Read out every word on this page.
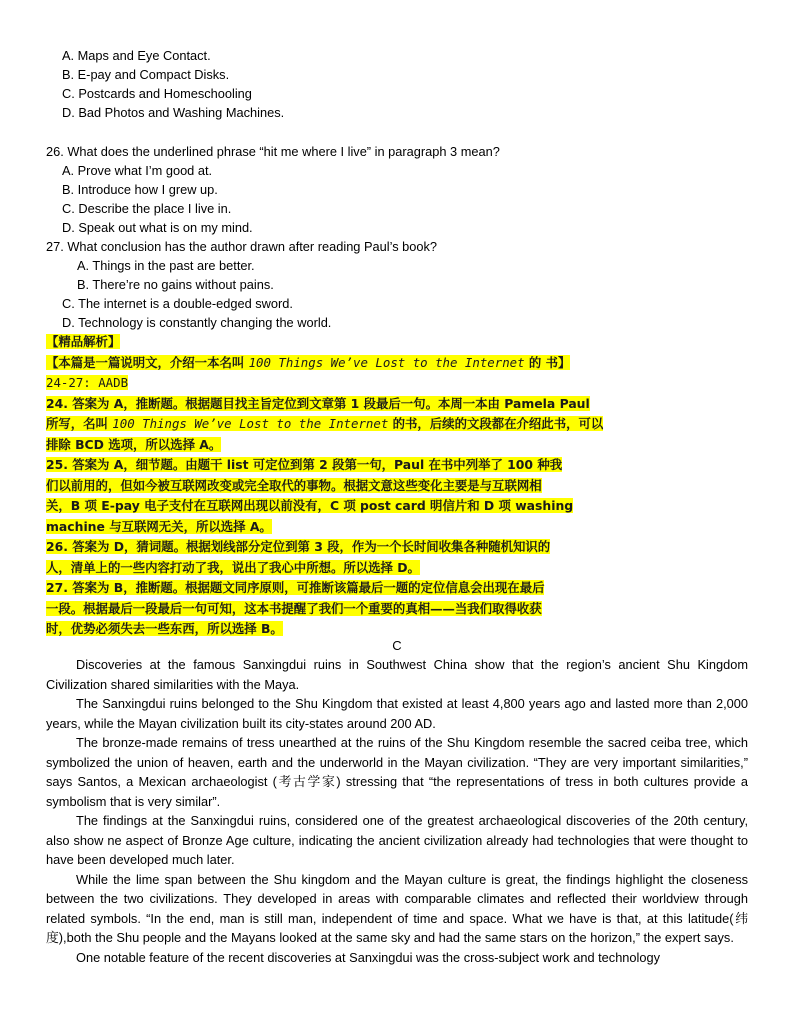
A. Maps and Eye Contact.
B. E-pay and Compact Disks.
C. Postcards and Homeschooling
D. Bad Photos and Washing Machines.
26. What does the underlined phrase “hit me where I live” in paragraph 3 mean?
A. Prove what I’m good at.
B. Introduce how I grew up.
C. Describe the place I live in.
D. Speak out what is on my mind.
27. What conclusion has the author drawn after reading Paul’s book?
A. Things in the past are better.
B. There’re no gains without pains.
C. The internet is a double-edged sword.
D. Technology is constantly changing the world.
【精品解析】
【本篇是一篇说明文，介绍一本名叫 100 Things We’ve Lost to the Internet 的 书】
24-27: AADB
24. 答案为 A，推断题。根据题目找主旨定位到文章第 1 段最后一句。本周一本由 Pamela Paul
所写，名叫 100 Things We’ve Lost to the Internet 的书，后续的文段都在介绍此书，可以
排除 BCD 选项，所以选择 A。
25. 答案为 A，细节题。由题干 list 可定位到第 2 段第一句，Paul 在书中列举了 100 种我
们以前用的，但如今被互联网改变或完全取代的事物。根据文意这些变化主要是与互联网相
关，B 项 E-pay 电子支付在互联网出现以前没有，C 项 post card 明信片和 D 项 washing
machine 与互联网无关，所以选择 A。
26. 答案为 D，猜词题。根据划线部分定位到第 3 段，作为一个长时间收集各种随机知识的
人，清单上的一些内容打动了我，说出了我心中所想。所以选择 D。
27. 答案为 B，推断题。根据题文同序原则，可推断该篇最后一题的定位信息会出现在最后
一段。根据最后一段最后一句可知，这本书提醒了我们一个重要的真相——当我们取得收获
时，优势必须失去一些东西，所以选择 B。
C

Discoveries at the famous Sanxingdui ruins in Southwest China show that the region’s ancient Shu Kingdom Civilization shared similarities with the Maya.

The Sanxingdui ruins belonged to the Shu Kingdom that existed at least 4,800 years ago and lasted more than 2,000 years, while the Mayan civilization built its city-states around 200 AD.

The bronze-made remains of tress unearthed at the ruins of the Shu Kingdom resemble the sacred ceiba tree, which symbolized the union of heaven, earth and the underworld in the Mayan civilization. “They are very important similarities,” says Santos, a Mexican archaeologist (考古学家) stressing that “the representations of tress in both cultures provide a symbolism that is very similar”.

The findings at the Sanxingdui ruins, considered one of the greatest archaeological discoveries of the 20th century, also show ne aspect of Bronze Age culture, indicating the ancient civilization already had technologies that were thought to have been developed much later.

While the lime span between the Shu kingdom and the Mayan culture is great, the findings highlight the closeness between the two civilizations. They developed in areas with comparable climates and reflected their worldview through related symbols. “In the end, man is still man, independent of time and space. What we have is that, at this latitude(纬度),both the Shu people and the Mayans looked at the same sky and had the same stars on the horizon,” the expert says.

One notable feature of the recent discoveries at Sanxingdui was the cross-subject work and technology
